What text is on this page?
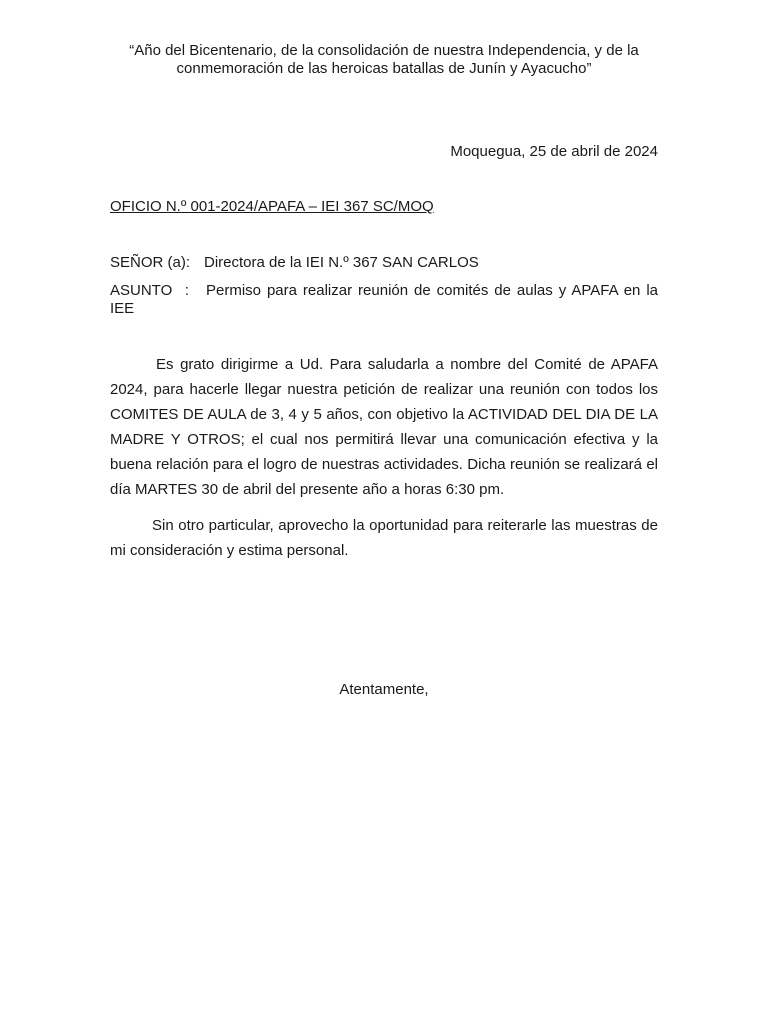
“Año del Bicentenario, de la consolidación de nuestra Independencia, y de la conmemoración de las heroicas batallas de Junín y Ayacucho”
Moquegua, 25 de abril de 2024
OFICIO N.º 001-2024/APAFA – IEI 367 SC/MOQ
SEÑOR (a): Directora de la IEI N.º 367 SAN CARLOS
ASUNTO   : Permiso para realizar reunión de comités de aulas y APAFA en la IEE

Es grato dirigirme a Ud. Para saludarla a nombre del Comité de APAFA 2024, para hacerle llegar nuestra petición de realizar una reunión con todos los COMITES DE AULA de 3, 4 y 5 años, con objetivo la ACTIVIDAD DEL DIA DE LA MADRE Y OTROS; el cual nos permitirá llevar una comunicación efectiva y la buena relación para el logro de nuestras actividades. Dicha reunión se realizará el día MARTES 30 de abril del presente año a horas 6:30 pm.

Sin otro particular, aprovecho la oportunidad para reiterarle las muestras de mi consideración y estima personal.

Atentamente,
